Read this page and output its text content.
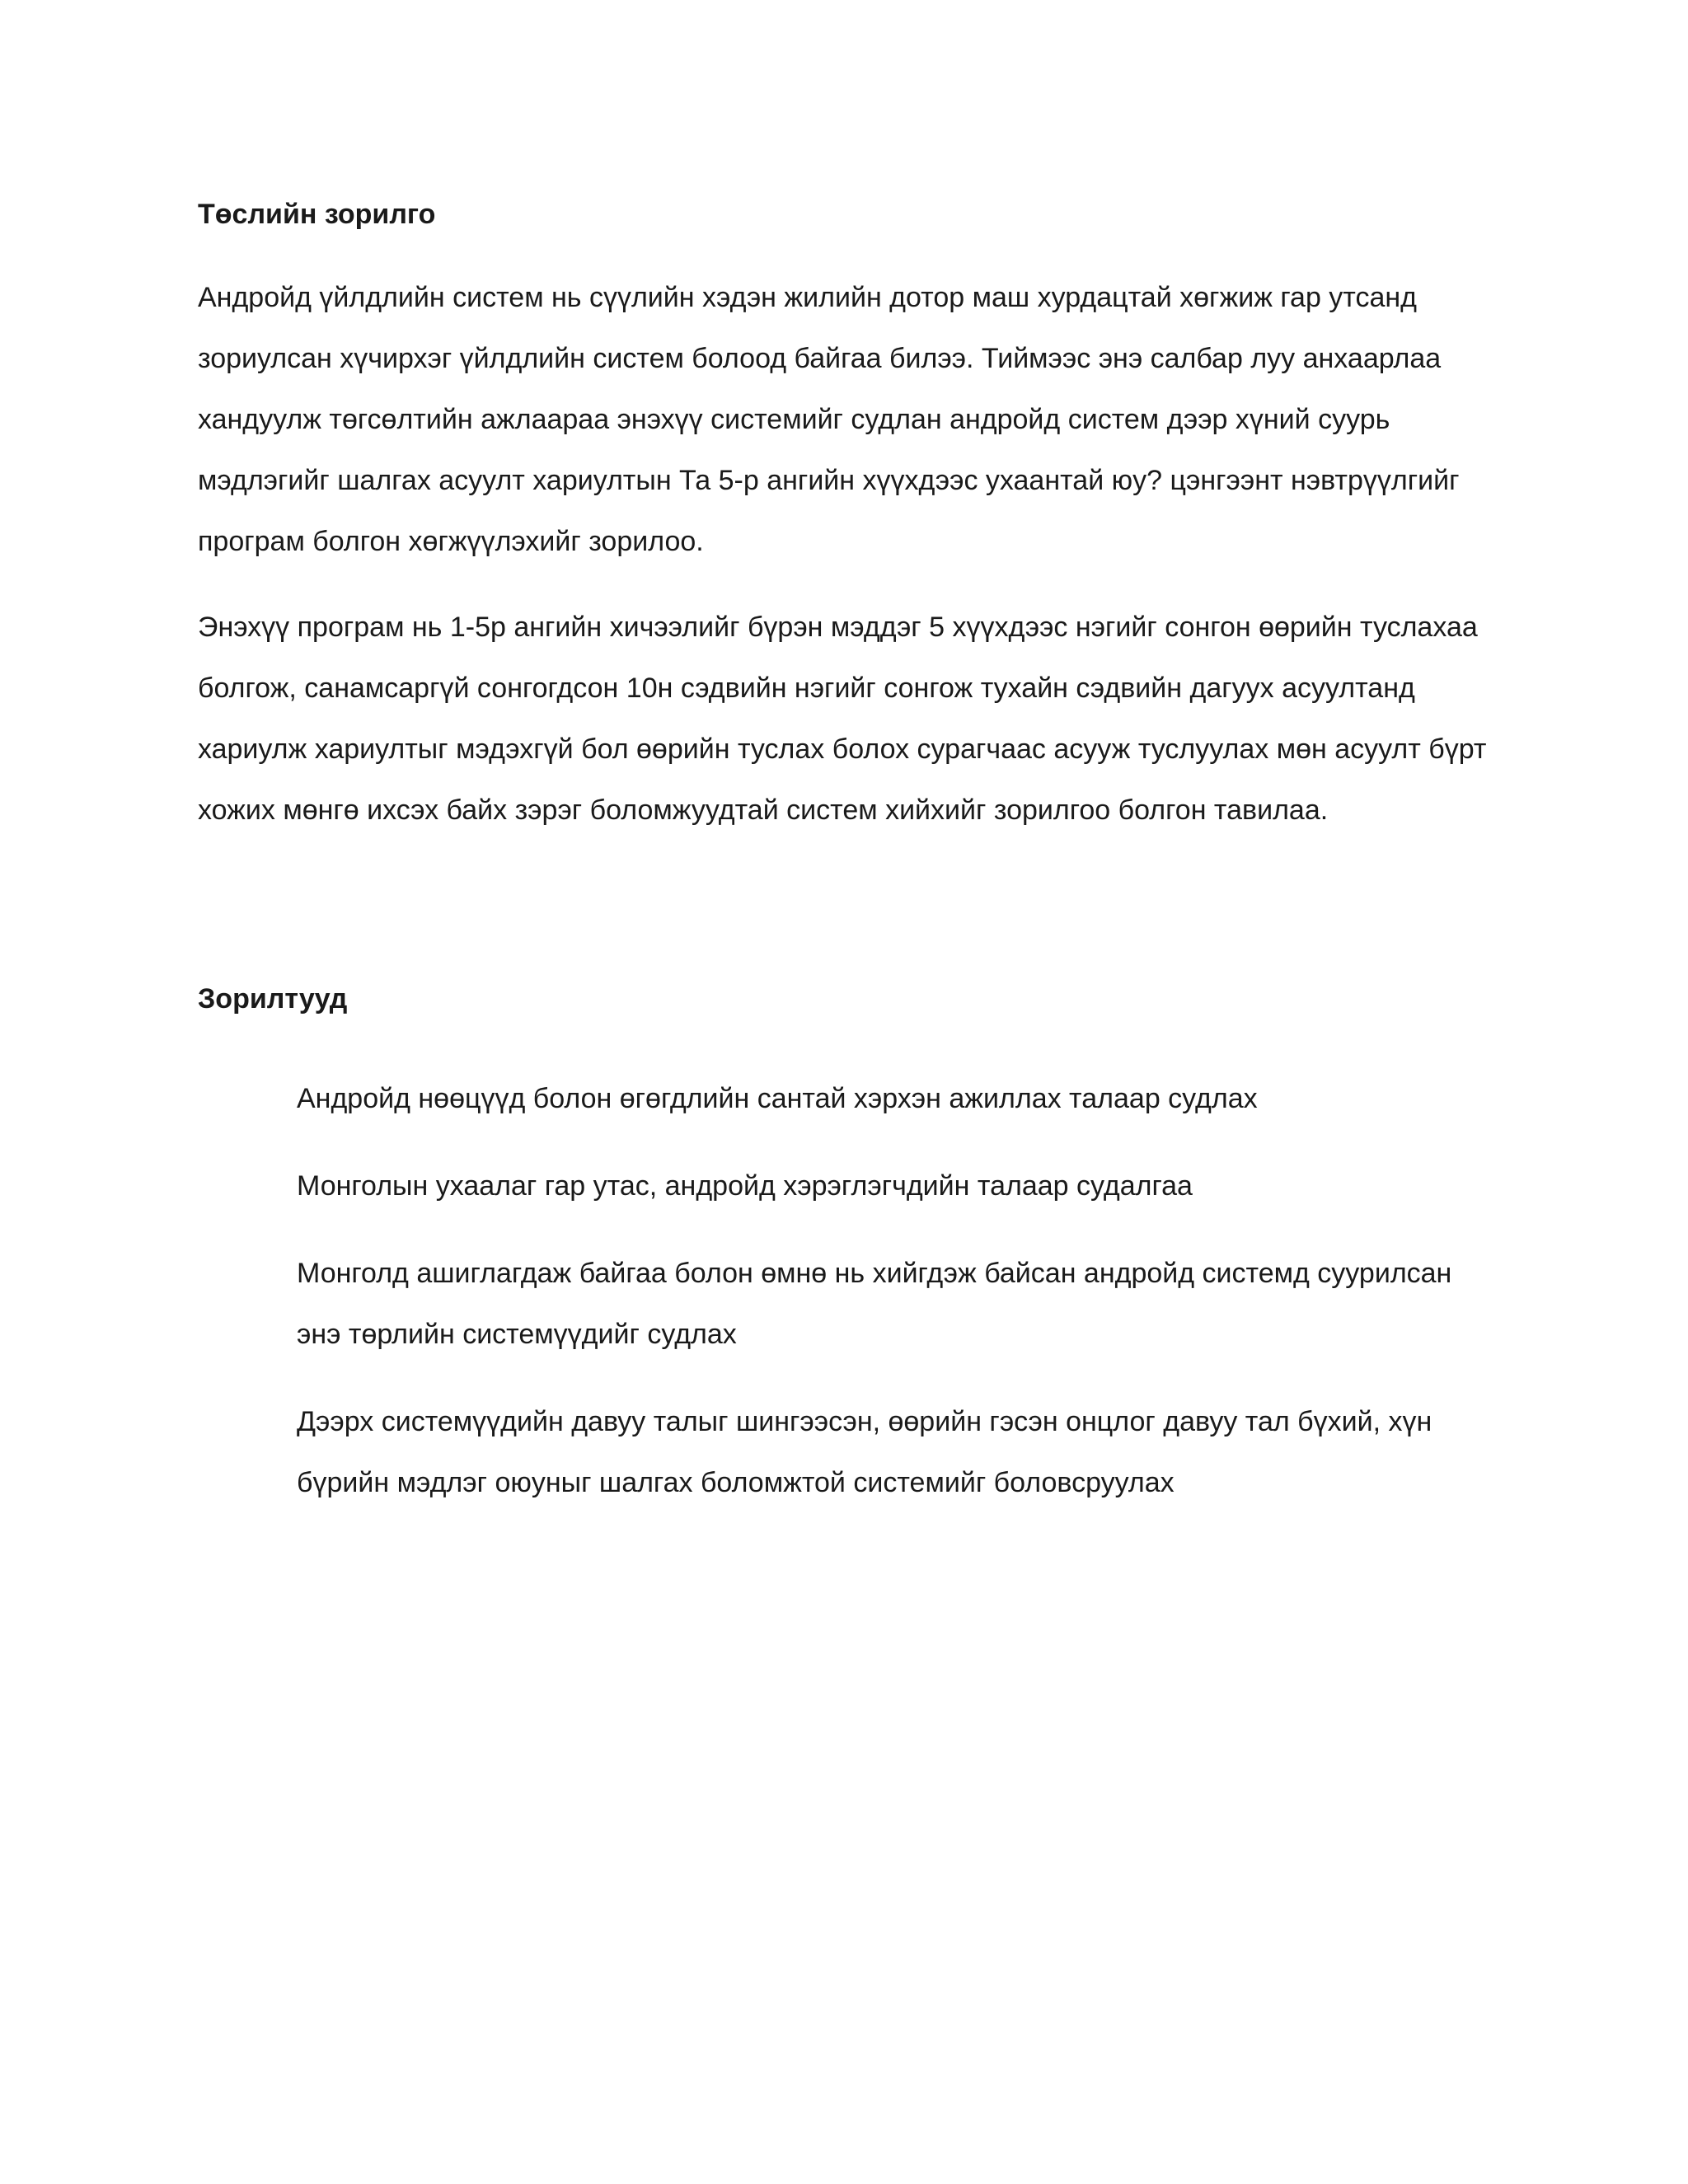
Төслийн зорилго

Андройд үйлдлийн систем нь сүүлийн хэдэн жилийн дотор маш хурдацтай хөгжиж гар утсанд зориулсан хүчирхэг үйлдлийн систем болоод байгаа билээ. Тиймээс энэ салбар луу анхаарлаа хандуулж төгсөлтийн ажлаараа энэхүү системийг судлан андройд систем дээр хүний суурь мэдлэгийг шалгах асуулт хариултын Та 5-р ангийн хүүхдээс ухаантай юу? цэнгээнт нэвтрүүлгийг програм болгон хөгжүүлэхийг зорилоо.

Энэхүү програм нь 1-5р ангийн хичээлийг бүрэн мэддэг 5 хүүхдээс нэгийг сонгон өөрийн туслахаа болгож, санамсаргүй сонгогдсон 10н сэдвийн нэгийг сонгож тухайн сэдвийн дагуух асуултанд хариулж хариултыг мэдэхгүй бол өөрийн туслах болох сурагчаас асууж туслуулах мөн асуулт бүрт хожих мөнгө ихсэх байх зэрэг боломжуудтай систем хийхийг зорилгоо болгон тавилаа.

Зорилтууд
Андройд нөөцүүд болон өгөгдлийн сантай хэрхэн ажиллах талаар судлах
Монголын ухаалаг гар утас, андройд хэрэглэгчдийн талаар судалгаа
Монголд ашиглагдаж байгаа болон өмнө нь хийгдэж байсан андройд системд суурилсан энэ төрлийн системүүдийг судлах
Дээрх системүүдийн давуу талыг шингээсэн, өөрийн гэсэн онцлог давуу тал бүхий, хүн бүрийн мэдлэг оюуныг шалгах боломжтой системийг боловсруулах
